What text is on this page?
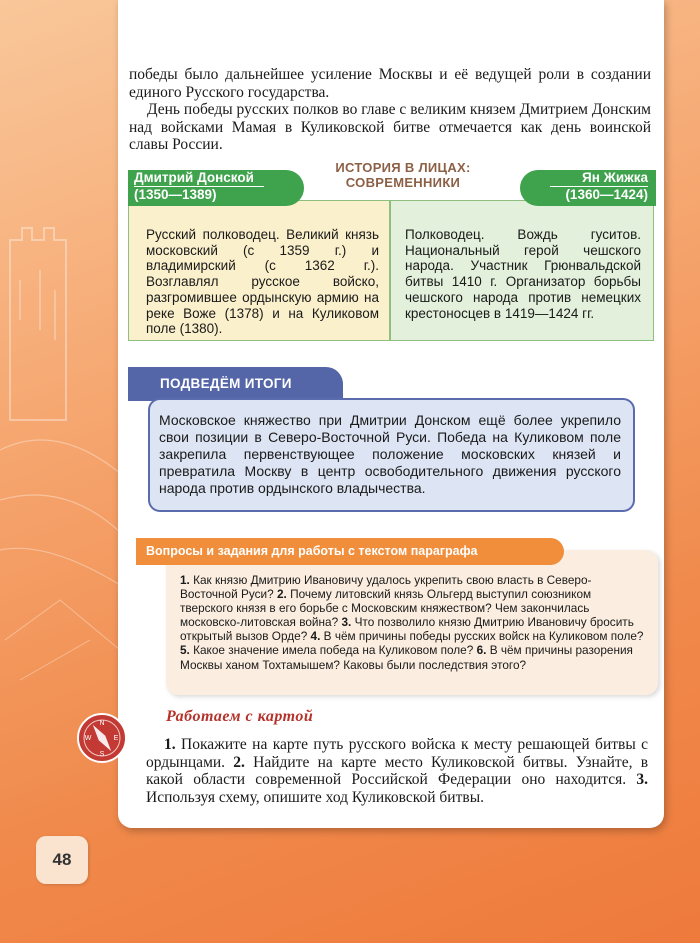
победы было дальнейшее усиление Москвы и её ведущей роли в создании единого Русского государства.

День победы русских полков во главе с великим князем Дмитрием Донским над войсками Мамая в Куликовской битве отмечается как день воинской славы России.

ИСТОРИЯ В ЛИЦАХ: СОВРЕМЕННИКИ
Дмитрий Донской
(1350—1389)
Ян Жижка
(1360—1424)
Русский полководец. Великий князь московский (с 1359 г.) и владимирский (с 1362 г.). Возглавлял русское войско, разгромившее ордынскую армию на реке Воже (1378) и на Куликовом поле (1380).
Полководец. Вождь гуситов. Национальный герой чешского народа. Участник Грюнвальдской битвы 1410 г. Организатор борьбы чешского народа против немецких крестоносцев в 1419—1424 гг.
ПОДВЕДЁМ ИТОГИ
Московское княжество при Дмитрии Донском ещё более укрепило свои позиции в Северо-Восточной Руси. Победа на Куликовом поле закрепила первенствующее положение московских князей и превратила Москву в центр освободительного движения русского народа против ордынского владычества.
Вопросы и задания для работы с текстом параграфа
1. Как князю Дмитрию Ивановичу удалось укрепить свою власть в Северо-Восточной Руси? 2. Почему литовский князь Ольгерд выступил союзником тверского князя в его борьбе с Московским княжеством? Чем закончилась московско-литовская война? 3. Что позволило князю Дмитрию Ивановичу бросить открытый вызов Орде? 4. В чём причины победы русских войск на Куликовом поле? 5. Какое значение имела победа на Куликовом поле? 6. В чём причины разорения Москвы ханом Тохтамышем? Каковы были последствия этого?
Работаем с картой

1. Покажите на карте путь русского войска к месту решающей битвы с ордынцами. 2. Найдите на карте место Куликовской битвы. Узнайте, в какой области современной Российской Федерации оно находится. 3. Используя схему, опишите ход Куликовской битвы.

N
W	E
S
48
